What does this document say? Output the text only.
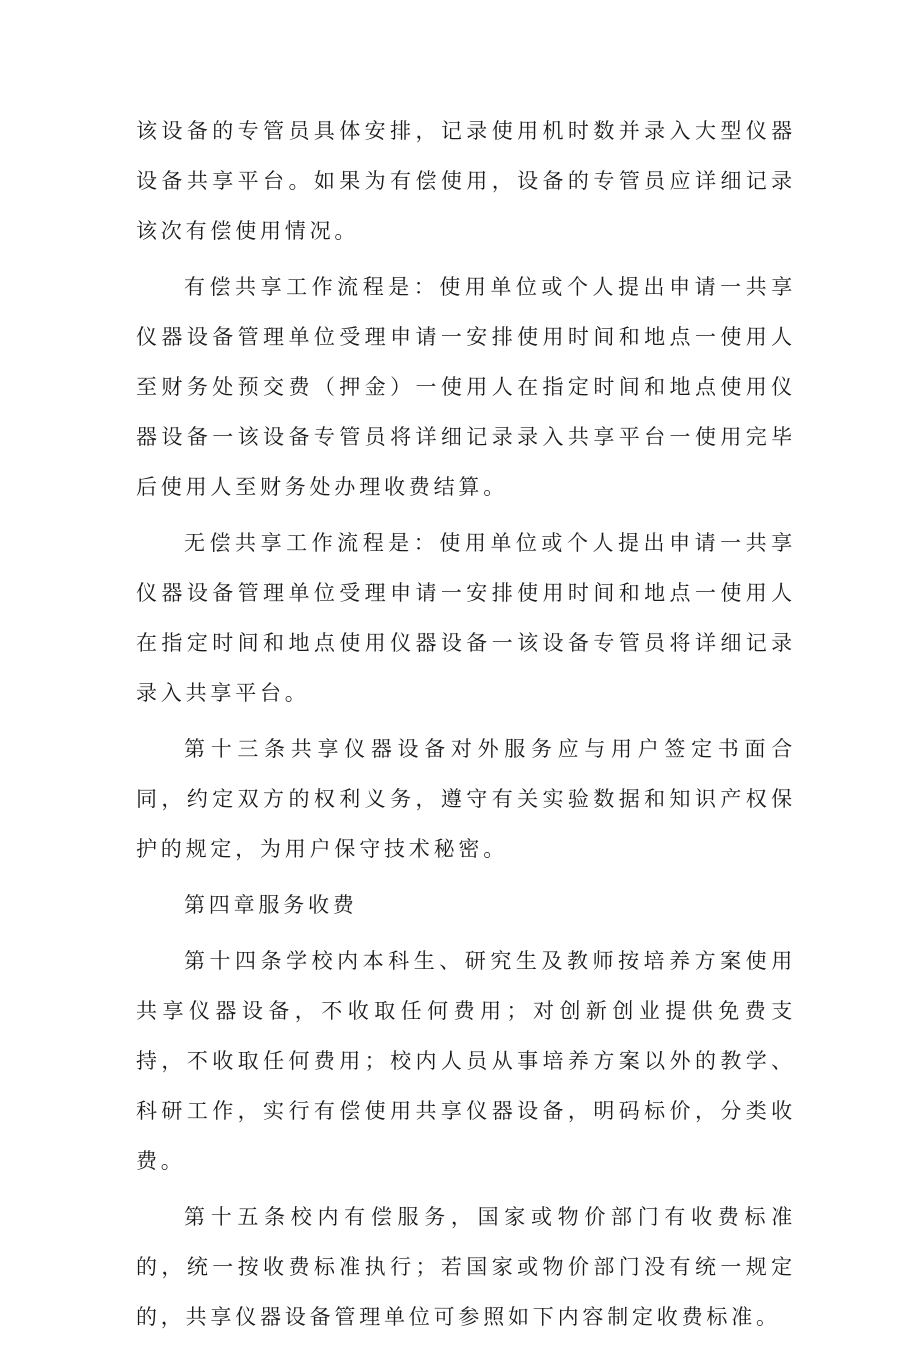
该设备的专管员具体安排，记录使用机时数并录入大型仪器设备共享平台。如果为有偿使用，设备的专管员应详细记录该次有偿使用情况。

有偿共享工作流程是：使用单位或个人提出申请一共享仪器设备管理单位受理申请一安排使用时间和地点一使用人至财务处预交费（押金）一使用人在指定时间和地点使用仪器设备一该设备专管员将详细记录录入共享平台一使用完毕后使用人至财务处办理收费结算。

无偿共享工作流程是：使用单位或个人提出申请一共享仪器设备管理单位受理申请一安排使用时间和地点一使用人在指定时间和地点使用仪器设备一该设备专管员将详细记录录入共享平台。

第十三条共享仪器设备对外服务应与用户签定书面合同，约定双方的权利义务，遵守有关实验数据和知识产权保护的规定，为用户保守技术秘密。

第四章服务收费

第十四条学校内本科生、研究生及教师按培养方案使用共享仪器设备，不收取任何费用；对创新创业提供免费支持，不收取任何费用；校内人员从事培养方案以外的教学、科研工作，实行有偿使用共享仪器设备，明码标价，分类收费。

第十五条校内有偿服务，国家或物价部门有收费标准的，统一按收费标准执行；若国家或物价部门没有统一规定的，共享仪器设备管理单位可参照如下内容制定收费标准。
